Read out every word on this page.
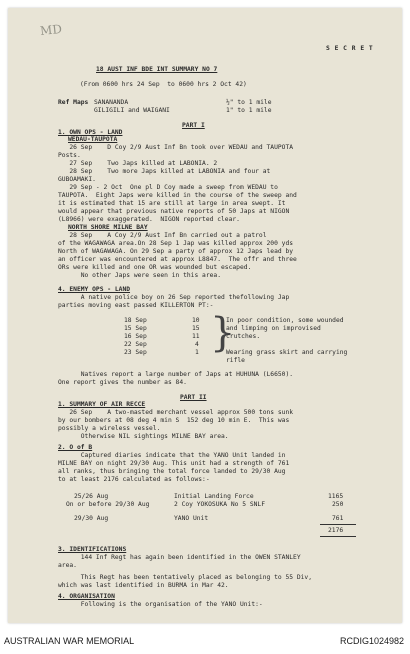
MD
S E C R E T
18 AUST INF BDE INT SUMMARY NO 7
(From 0600 hrs 24 Sep  to 0600 hrs 2 Oct 42)
Ref Maps SANANANDA	½" to 1 mile
GILIGILI and WAIGANI	1" to 1 mile
PART I
1. OWN OPS - LAND
WEDAU-TAUPOTA
26 Sep    D Coy 2/9 Aust Inf Bn took over WEDAU and TAUPOTA
Posts.
27 Sep    Two Japs killed at LABONIA. 2
28 Sep    Two more Japs killed at LABONIA and four at
GUBOAMAKI.
29 Sep - 2 Oct  One pl D Coy made a sweep from WEDAU to
TAUPOTA.  Eight Japs were killed in the course of the sweep and
it is estimated that 15 are still at large in area swept. It
would appear that previous native reports of 50 Japs at NIGON
(L8966) were exaggerated.  NIGON reported clear.
NORTH SHORE MILNE BAY
28 Sep    A Coy 2/9 Aust Inf Bn carried out a patrol
of the WAGAWAGA area.On 28 Sep 1 Jap was killed approx 200 yds
North of WAGAWAGA. On 29 Sep a party of approx 12 Japs lead by
an officer was encountered at approx L8847.  The offr and three
ORs were killed and one OR was wounded but escaped.
No other Japs were seen in this area.
4. ENEMY OPS - LAND
A native police boy on 26 Sep reported thefollowing Jap
parties moving east passed KILLERTON PT:-
18 Sep	10
15 Sep	15
16 Sep	11
22 Sep	4
23 Sep	1 }
In poor condition, some wounded
and limping on improvised
crutches.
Wearing grass skirt and carrying
rifle
Natives report a large number of Japs at HUHUNA (L6650).
One report gives the number as 84.
PART II
1. SUMMARY OF AIR RECCE
26 Sep    A two-masted merchant vessel approx 500 tons sunk
by our bombers at 08 deg 4 min S  152 deg 10 min E.  This was
possibly a wireless vessel.
Otherwise NIL sightings MILNE BAY area.
2. O of B
Captured diaries indicate that the YANO Unit landed in
MILNE BAY on night 29/30 Aug. This unit had a strength of 761
all ranks, thus bringing the total force landed to 29/30 Aug
to at least 2176 calculated as follows:-
25/26 Aug	Initial Landing Force	1165
On or before 29/30 Aug	2 Coy YOKOSUKA No 5 SNLF	250
29/30 Aug	YANO Unit	761
2176
3. IDENTIFICATIONS
144 Inf Regt has again been identified in the OWEN STANLEY
area.
This Regt has been tentatively placed as belonging to 55 Div,
which was last identified in BURMA in Mar 42.
4. ORGANISATION
Following is the organisation of the YANO Unit:-
AUSTRALIAN WAR MEMORIAL	RCDIG1024982
